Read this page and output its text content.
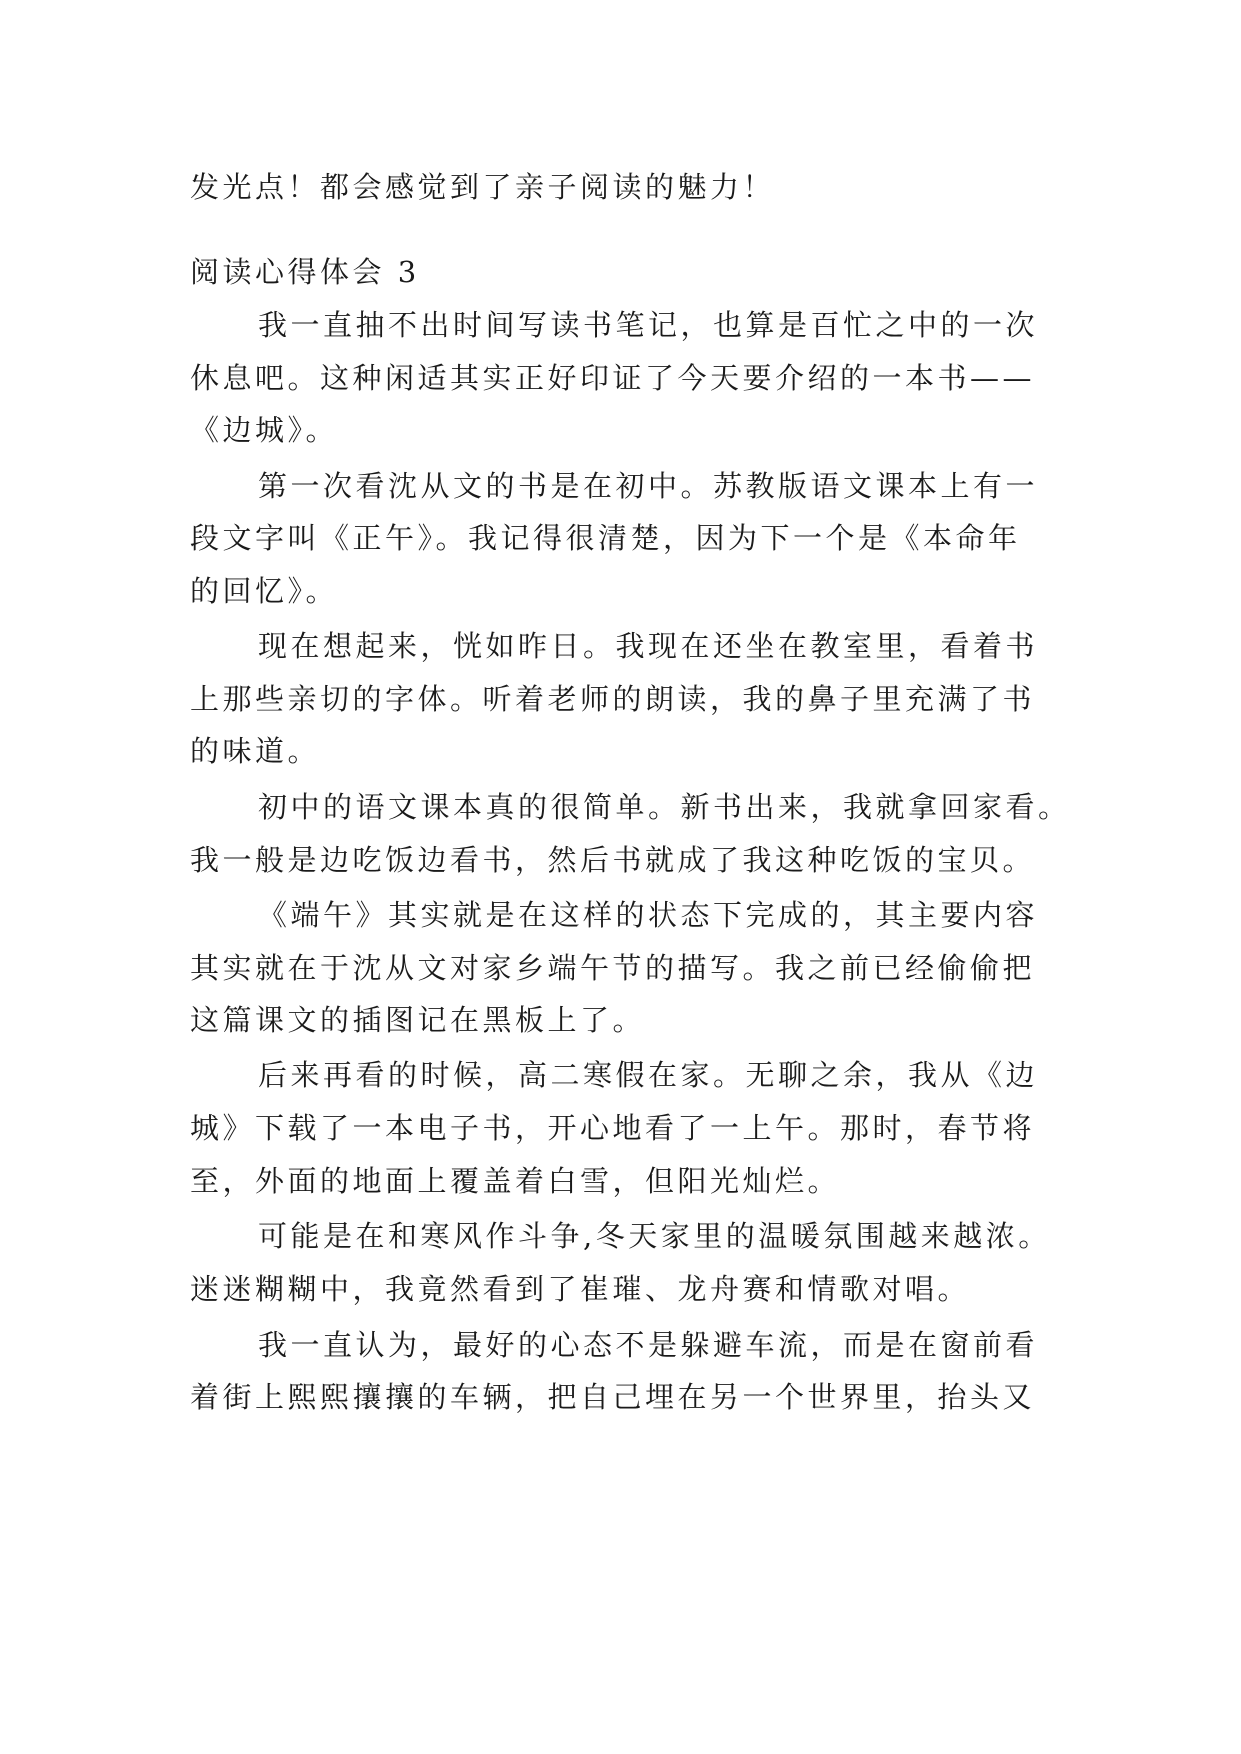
发光点！都会感觉到了亲子阅读的魅力！
阅读心得体会 3
我一直抽不出时间写读书笔记，也算是百忙之中的一次
休息吧。这种闲适其实正好印证了今天要介绍的一本书——
《边城》。
第一次看沈从文的书是在初中。苏教版语文课本上有一
段文字叫《正午》。我记得很清楚，因为下一个是《本命年
的回忆》。
现在想起来，恍如昨日。我现在还坐在教室里，看着书
上那些亲切的字体。听着老师的朗读，我的鼻子里充满了书
的味道。
初中的语文课本真的很简单。新书出来，我就拿回家看。
我一般是边吃饭边看书，然后书就成了我这种吃饭的宝贝。
《端午》其实就是在这样的状态下完成的，其主要内容
其实就在于沈从文对家乡端午节的描写。我之前已经偷偷把
这篇课文的插图记在黑板上了。
后来再看的时候，高二寒假在家。无聊之余，我从《边
城》下载了一本电子书，开心地看了一上午。那时，春节将
至，外面的地面上覆盖着白雪，但阳光灿烂。
可能是在和寒风作斗争,冬天家里的温暖氛围越来越浓。
迷迷糊糊中，我竟然看到了崔璀、龙舟赛和情歌对唱。
我一直认为，最好的心态不是躲避车流，而是在窗前看
着街上熙熙攘攘的车辆，把自己埋在另一个世界里，抬头又
